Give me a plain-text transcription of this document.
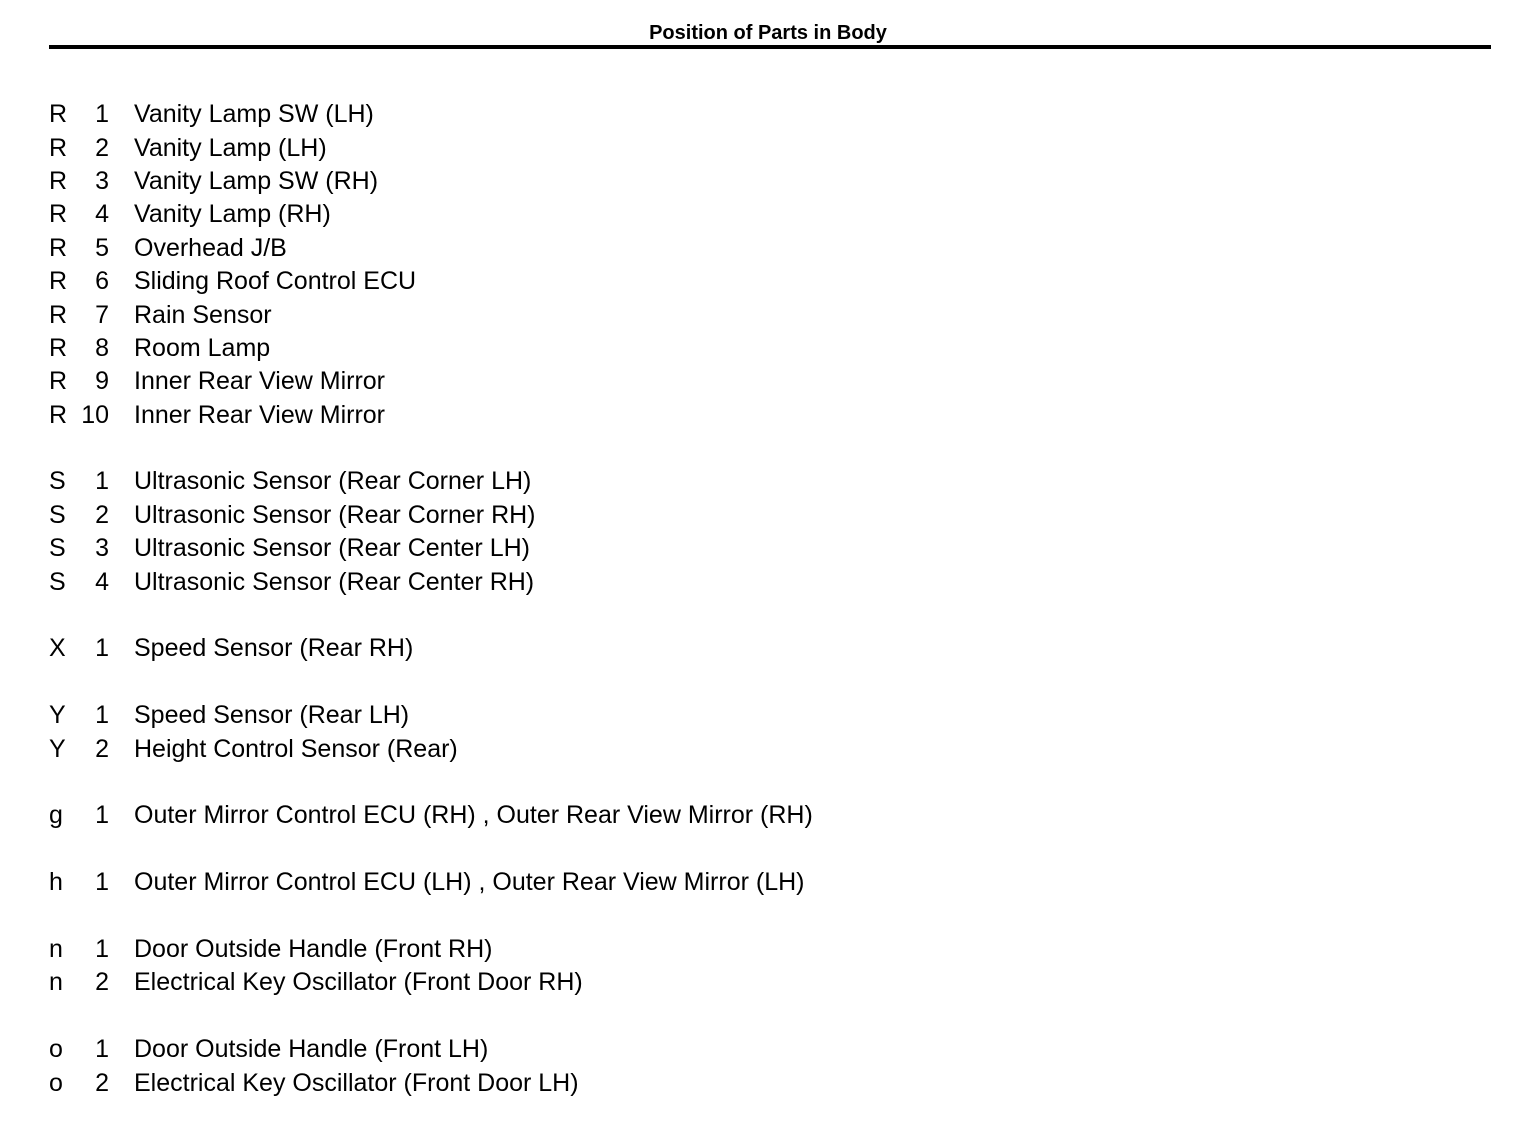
Position of Parts in Body
R	1 Vanity Lamp SW (LH)
R	2 Vanity Lamp (LH)
R	3 Vanity Lamp SW (RH)
R	4 Vanity Lamp (RH)
R	5 Overhead J/B
R	6 Sliding Roof Control ECU
R	7 Rain Sensor
R	8 Room Lamp
R	9 Inner Rear View Mirror
R 10 Inner Rear View Mirror
S	1 Ultrasonic Sensor (Rear Corner LH)
S	2 Ultrasonic Sensor (Rear Corner RH)
S	3 Ultrasonic Sensor (Rear Center LH)
S	4 Ultrasonic Sensor (Rear Center RH)
X	1 Speed Sensor (Rear RH)
Y	1 Speed Sensor (Rear LH)
Y	2 Height Control Sensor (Rear)
g	1 Outer Mirror Control ECU (RH) , Outer Rear View Mirror (RH)
h	1 Outer Mirror Control ECU (LH) , Outer Rear View Mirror (LH)
n	1 Door Outside Handle (Front RH)
n	2 Electrical Key Oscillator (Front Door RH)
o	1 Door Outside Handle (Front LH)
o	2 Electrical Key Oscillator (Front Door LH)
